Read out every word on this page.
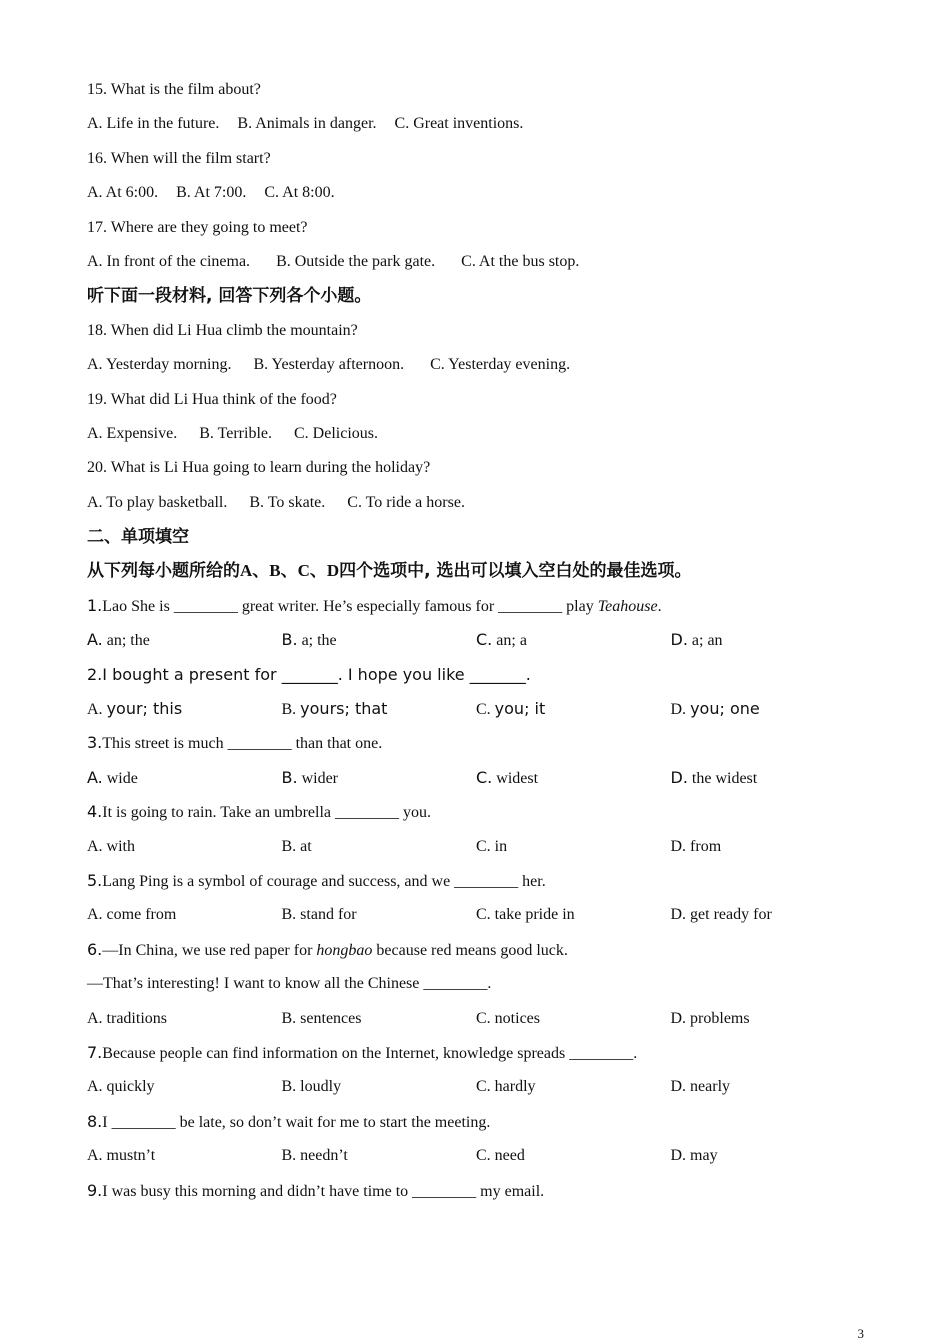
15. What is the film about?
A. Life in the future. B. Animals in danger. C. Great inventions.
16. When will the film start?
A. At 6:00. B. At 7:00. C. At 8:00.
17. Where are they going to meet?
A. In front of the cinema. B. Outside the park gate. C. At the bus stop.
听下面一段材料, 回答下列各个小题。
18. When did Li Hua climb the mountain?
A. Yesterday morning. B. Yesterday afternoon. C. Yesterday evening.
19. What did Li Hua think of the food?
A. Expensive. B. Terrible. C. Delicious.
20. What is Li Hua going to learn during the holiday?
A. To play basketball. B. To skate. C. To ride a horse.
二、单项填空
从下列每小题所给的A、B、C、D四个选项中, 选出可以填入空白处的最佳选项。
1.Lao She is ________ great writer. He’s especially famous for ________ play Teahouse.
A. an; the	B. a; the	C. an; a	D. a; an
2.I bought a present for _______. I hope you like _______.
A. your; this	B. yours; that	C. you; it	D. you; one
3.This street is much ________ than that one.
A. wide	B. wider	C. widest	D. the widest
4.It is going to rain. Take an umbrella ________ you.
A. with	B. at	C. in	D. from
5.Lang Ping is a symbol of courage and success, and we ________ her.
A. come from	B. stand for	C. take pride in	D. get ready for
6.—In China, we use red paper for hongbao because red means good luck.
—That’s interesting! I want to know all the Chinese ________.
A. traditions	B. sentences	C. notices	D. problems
7.Because people can find information on the Internet, knowledge spreads ________.
A. quickly	B. loudly	C. hardly	D. nearly
8.I ________ be late, so don’t wait for me to start the meeting.
A. mustn’t	B. needn’t	C. need	D. may
9.I was busy this morning and didn’t have time to ________ my email.
3
